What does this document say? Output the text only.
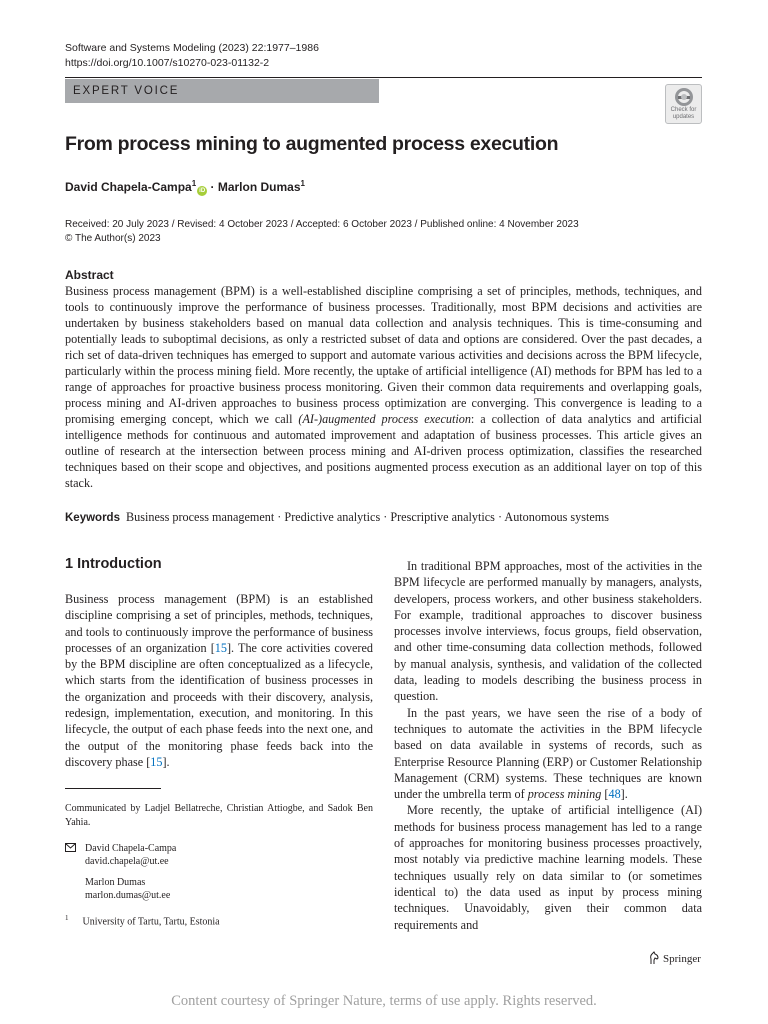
Software and Systems Modeling (2023) 22:1977–1986
https://doi.org/10.1007/s10270-023-01132-2
EXPERT VOICE
Check for
updates
From process mining to augmented process execution
David Chapela-Campa$^1$iD · Marlon Dumas$^1$
Received: 20 July 2023 / Revised: 4 October 2023 / Accepted: 6 October 2023 / Published online: 4 November 2023
© The Author(s) 2023
Abstract

Business process management (BPM) is a well-established discipline comprising a set of principles, methods, techniques, and tools to continuously improve the performance of business processes. Traditionally, most BPM decisions and activities are undertaken by business stakeholders based on manual data collection and analysis techniques. This is time-consuming and potentially leads to suboptimal decisions, as only a restricted subset of data and options are considered. Over the past decades, a rich set of data-driven techniques has emerged to support and automate various activities and decisions across the BPM lifecycle, particularly within the process mining field. More recently, the uptake of artificial intelligence (AI) methods for BPM has led to a range of approaches for proactive business process monitoring. Given their common data requirements and overlapping goals, process mining and AI-driven approaches to business process optimization are converging. This convergence is leading to a promising emerging concept, which we call (AI-)augmented process execution: a collection of data analytics and artificial intelligence methods for continuous and automated improvement and adaptation of business processes. This article gives an outline of research at the intersection between process mining and AI-driven process optimization, classifies the researched techniques based on their scope and objectives, and positions augmented process execution as an additional layer on top of this stack.

Keywords Business process management · Predictive analytics · Prescriptive analytics · Autonomous systems
1 Introduction

Business process management (BPM) is an established discipline comprising a set of principles, methods, techniques, and tools to continuously improve the performance of business processes of an organization [15]. The core activities covered by the BPM discipline are often conceptualized as a lifecycle, which starts from the identification of business processes in the organization and proceeds with their discovery, analysis, redesign, implementation, execution, and monitoring. In this lifecycle, the output of each phase feeds into the next one, and the output of the monitoring phase feeds back into the discovery phase [15].

In traditional BPM approaches, most of the activities in the BPM lifecycle are performed manually by managers, analysts, developers, process workers, and other business stakeholders. For example, traditional approaches to discover business processes involve interviews, focus groups, field observation, and other time-consuming data collection methods, followed by manual analysis, synthesis, and validation of the collected data, leading to models describing the business process in question.

In the past years, we have seen the rise of a body of techniques to automate the activities in the BPM lifecycle based on data available in systems of records, such as Enterprise Resource Planning (ERP) or Customer Relationship Management (CRM) systems. These techniques are known under the umbrella term of process mining [48].

More recently, the uptake of artificial intelligence (AI) methods for business process management has led to a range of approaches for monitoring business processes proactively, most notably via predictive machine learning models. These techniques usually rely on data similar to (or sometimes identical to) the data used as input by process mining techniques. Unavoidably, given their common data requirements and

Communicated by Ladjel Bellatreche, Christian Attiogbe, and Sadok Ben Yahia.

David Chapela-Campa
david.chapela@ut.ee
Marlon Dumas
marlon.dumas@ut.ee
$^1$ University of Tartu, Tartu, Estonia
Springer
Content courtesy of Springer Nature, terms of use apply. Rights reserved.
